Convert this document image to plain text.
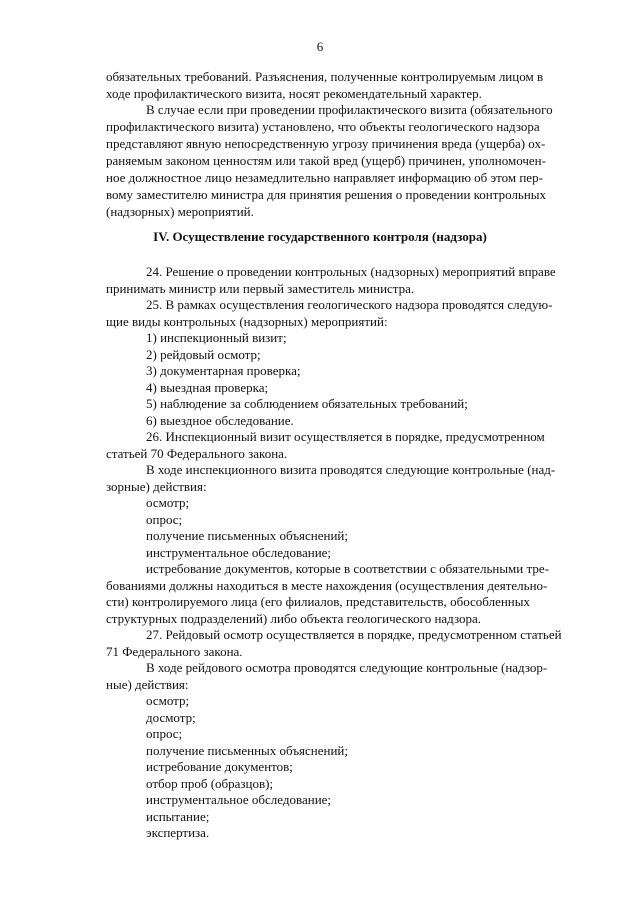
6
обязательных требований. Разъяснения, полученные контролируемым лицом в
ходе профилактического визита, носят рекомендательный характер.
В случае если при проведении профилактического визита (обязательного
профилактического визита) установлено, что объекты геологического надзора
представляют явную непосредственную угрозу причинения вреда (ущерба) ох-
раняемым законом ценностям или такой вред (ущерб) причинен, уполномочен-
ное должностное лицо незамедлительно направляет информацию об этом пер-
вому заместителю министра для принятия решения о проведении контрольных
(надзорных) мероприятий.
IV. Осуществление государственного контроля (надзора)
24. Решение о проведении контрольных (надзорных) мероприятий вправе
принимать министр или первый заместитель министра.
25. В рамках осуществления геологического надзора проводятся следую-
щие виды контрольных (надзорных) мероприятий:
1) инспекционный визит;
2) рейдовый осмотр;
3) документарная проверка;
4) выездная проверка;
5) наблюдение за соблюдением обязательных требований;
6) выездное обследование.
26. Инспекционный визит осуществляется в порядке, предусмотренном
статьей 70 Федерального закона.
В ходе инспекционного визита проводятся следующие контрольные (над-
зорные) действия:
осмотр;
опрос;
получение письменных объяснений;
инструментальное обследование;
истребование документов, которые в соответствии с обязательными тре-
бованиями должны находиться в месте нахождения (осуществления деятельно-
сти) контролируемого лица (его филиалов, представительств, обособленных
структурных подразделений) либо объекта геологического надзора.
27. Рейдовый осмотр осуществляется в порядке, предусмотренном статьей
71 Федерального закона.
В ходе рейдового осмотра проводятся следующие контрольные (надзор-
ные) действия:
осмотр;
досмотр;
опрос;
получение письменных объяснений;
истребование документов;
отбор проб (образцов);
инструментальное обследование;
испытание;
экспертиза.
